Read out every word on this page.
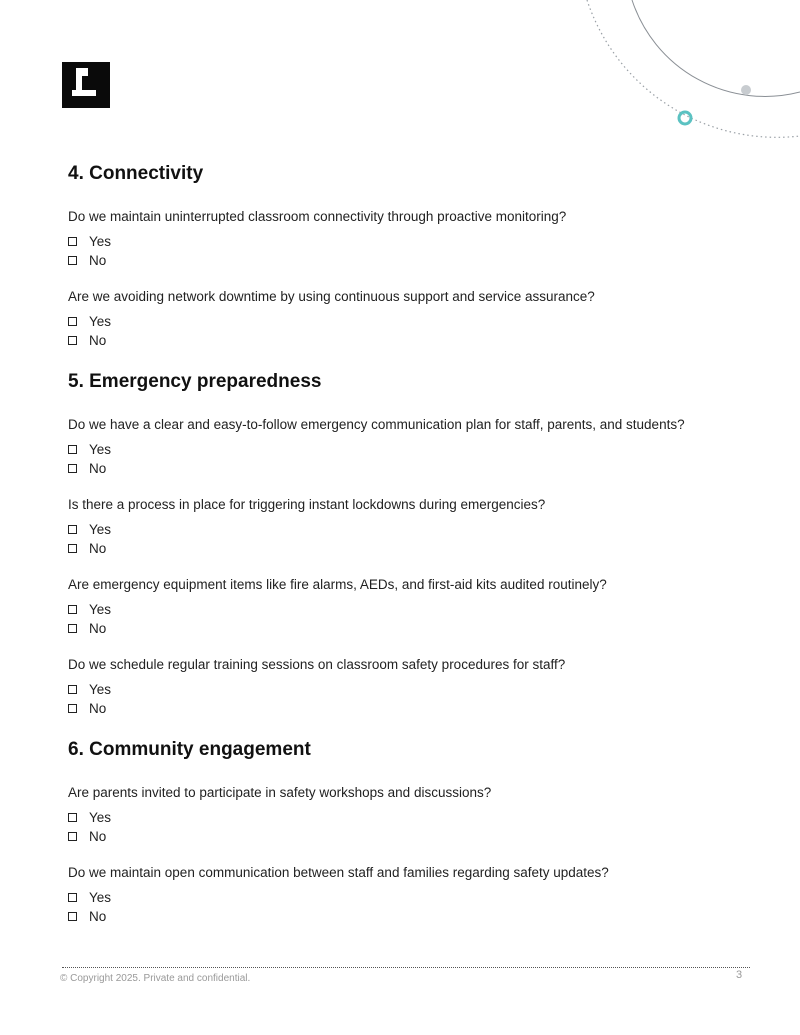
4. Connectivity
Do we maintain uninterrupted classroom connectivity through proactive monitoring?
Yes
No
Are we avoiding network downtime by using continuous support and service assurance?
Yes
No
5. Emergency preparedness
Do we have a clear and easy-to-follow emergency communication plan for staff, parents, and students?
Yes
No
Is there a process in place for triggering instant lockdowns during emergencies?
Yes
No
Are emergency equipment items like fire alarms, AEDs, and first-aid kits audited routinely?
Yes
No
Do we schedule regular training sessions on classroom safety procedures for staff?
Yes
No
6. Community engagement
Are parents invited to participate in safety workshops and discussions?
Yes
No
Do we maintain open communication between staff and families regarding safety updates?
Yes
No
© Copyright 2025. Private and confidential.	3
